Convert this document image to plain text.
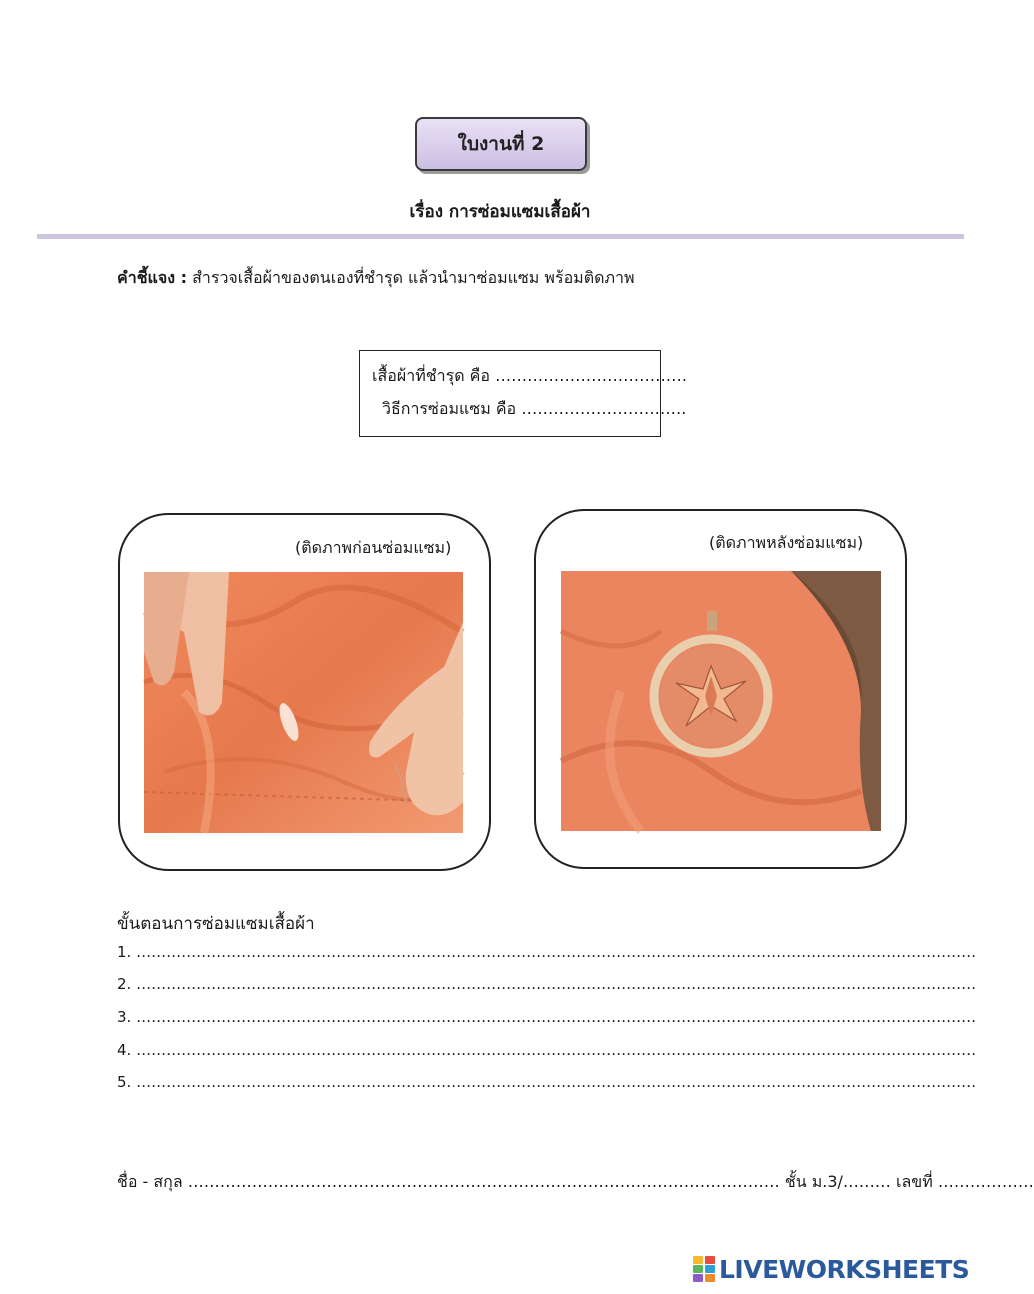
ใบงานที่ 2
เรื่อง การซ่อมแซมเสื้อผ้า
คำชี้แจง : สำรวจเสื้อผ้าของตนเองที่ชำรุด แล้วนำมาซ่อมแซม พร้อมติดภาพ
เสื้อผ้าที่ชำรุด คือ ………………………………
วิธีการซ่อมแซม คือ ………………………….
(ติดภาพก่อนซ่อมแซม)	(ติดภาพหลังซ่อมแซม)
ขั้นตอนการซ่อมแซมเสื้อผ้า
1. ……………………………………………………………………………………………………………………………………………………
2. ……………………………………………………………………………………………………………………………………………………
3. ……………………………………………………………………………………………………………………………………………………
4. ……………………………………………………………………………………………………………………………………………………
5. ……………………………………………………………………………………………………………………………………………………
ชื่อ - สกุล ………………………………………………………………………………………………… ชั้น ม.3/……… เลขที่ ………………
LIVEWORKSHEETS
